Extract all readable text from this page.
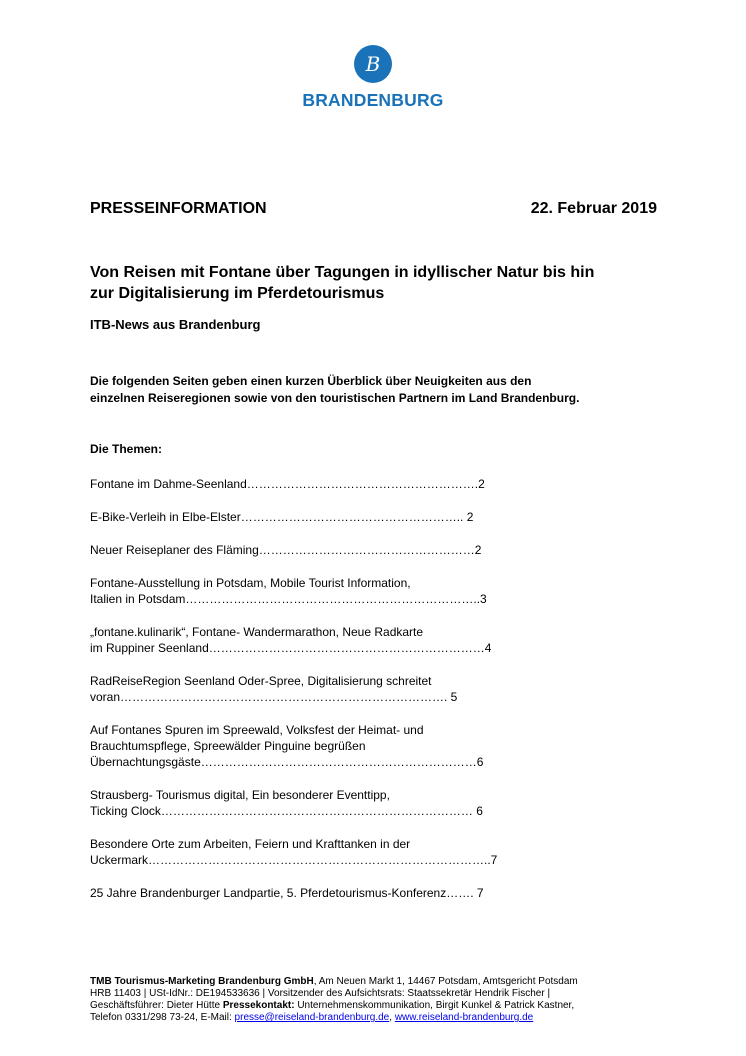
B
BRANDENBURG
PRESSEINFORMATION	22. Februar 2019
Von Reisen mit Fontane über Tagungen in idyllischer Natur bis hin
zur Digitalisierung im Pferdetourismus
ITB-News aus Brandenburg
Die folgenden Seiten geben einen kurzen Überblick über Neuigkeiten aus den
einzelnen Reiseregionen sowie von den touristischen Partnern im Land Brandenburg.
Die Themen:
Fontane im Dahme-Seenland………………………………………………….2
E-Bike-Verleih in Elbe-Elster……………………………………………….. 2
Neuer Reiseplaner des Fläming………………………………………………2
Fontane-Ausstellung in Potsdam, Mobile Tourist Information,
Italien in Potsdam………………………………………………………………..3
„fontane.kulinarik“, Fontane- Wandermarathon, Neue Radkarte
im Ruppiner Seenland……………………………………………………………4
RadReiseRegion Seenland Oder-Spree, Digitalisierung schreitet
voran………………………………………………………………………. 5
Auf Fontanes Spuren im Spreewald, Volksfest der Heimat- und
Brauchtumspflege, Spreewälder Pinguine begrüßen
Übernachtungsgäste……………………………………………………………6
Strausberg- Tourismus digital, Ein besonderer Eventtipp,
Ticking Clock…………………………………………………………………… 6
Besondere Orte zum Arbeiten, Feiern und Krafttanken in der
Uckermark…………………………………………………………………………..7
25 Jahre Brandenburger Landpartie, 5. Pferdetourismus-Konferenz……. 7
TMB Tourismus-Marketing Brandenburg GmbH, Am Neuen Markt 1, 14467 Potsdam, Amtsgericht Potsdam HRB 11403 | USt-IdNr.: DE194533636 | Vorsitzender des Aufsichtsrats: Staatssekretär Hendrik Fischer | Geschäftsführer: Dieter Hütte Pressekontakt: Unternehmenskommunikation, Birgit Kunkel & Patrick Kastner, Telefon 0331/298 73-24, E-Mail: presse@reiseland-brandenburg.de, www.reiseland-brandenburg.de
